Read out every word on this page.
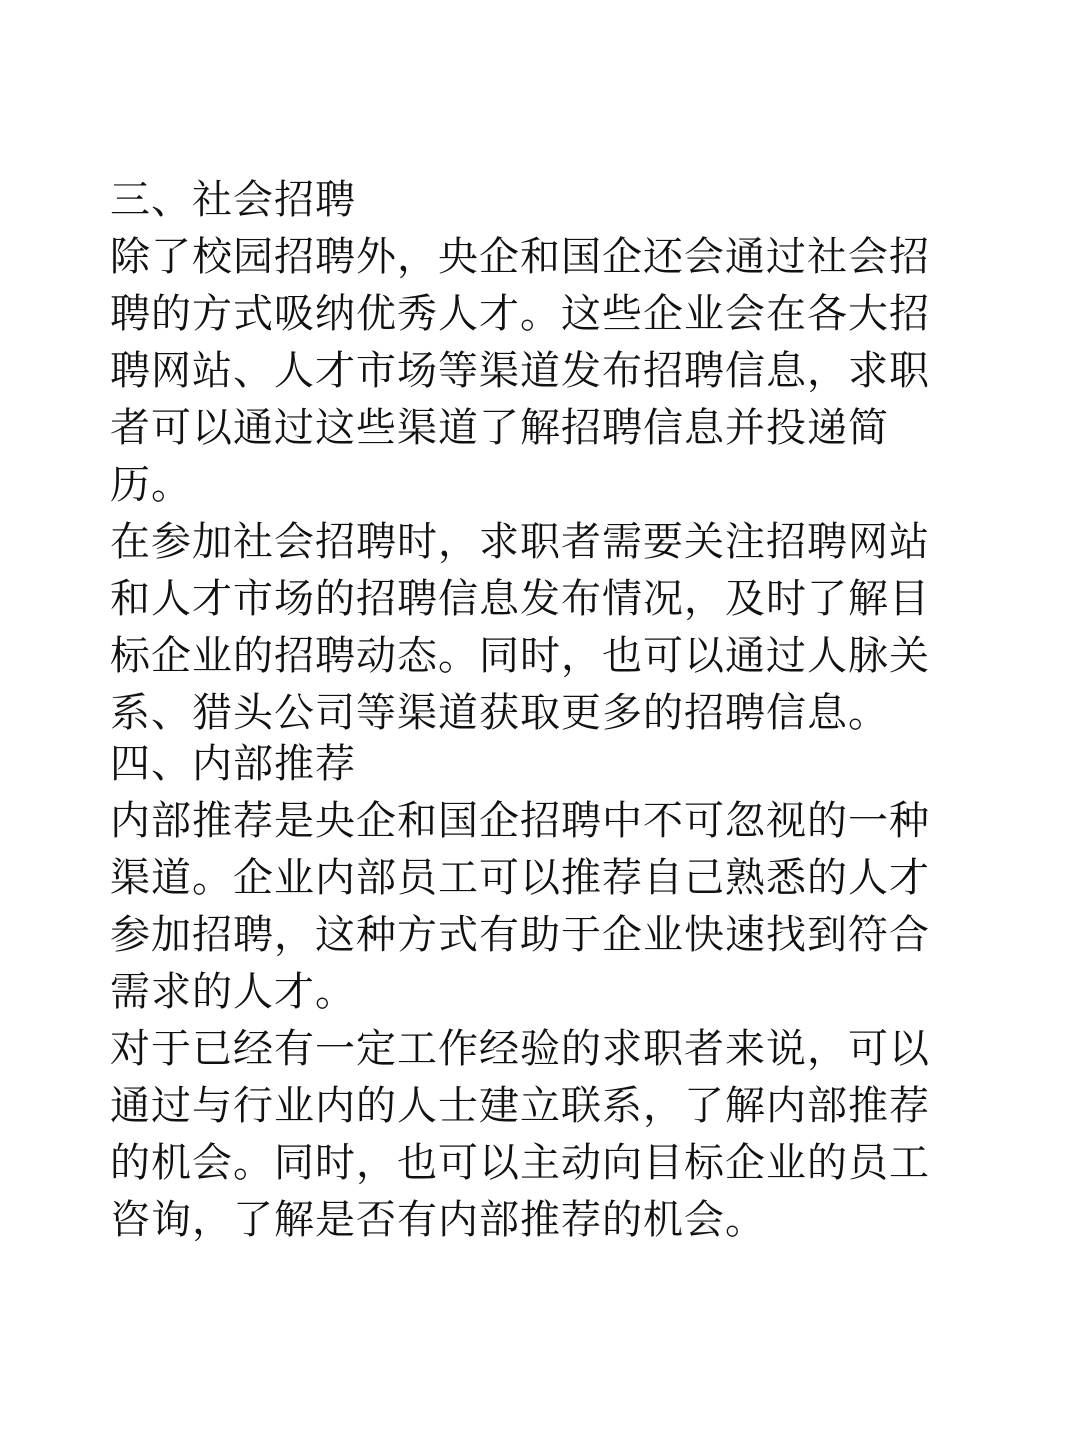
三、社会招聘

除了校园招聘外，央企和国企还会通过社会招聘的方式吸纳优秀人才。这些企业会在各大招聘网站、人才市场等渠道发布招聘信息，求职者可以通过这些渠道了解招聘信息并投递简历。

在参加社会招聘时，求职者需要关注招聘网站和人才市场的招聘信息发布情况，及时了解目标企业的招聘动态。同时，也可以通过人脉关系、猎头公司等渠道获取更多的招聘信息。

四、内部推荐

内部推荐是央企和国企招聘中不可忽视的一种渠道。企业内部员工可以推荐自己熟悉的人才参加招聘，这种方式有助于企业快速找到符合需求的人才。

对于已经有一定工作经验的求职者来说，可以通过与行业内的人士建立联系，了解内部推荐的机会。同时，也可以主动向目标企业的员工咨询，了解是否有内部推荐的机会。
